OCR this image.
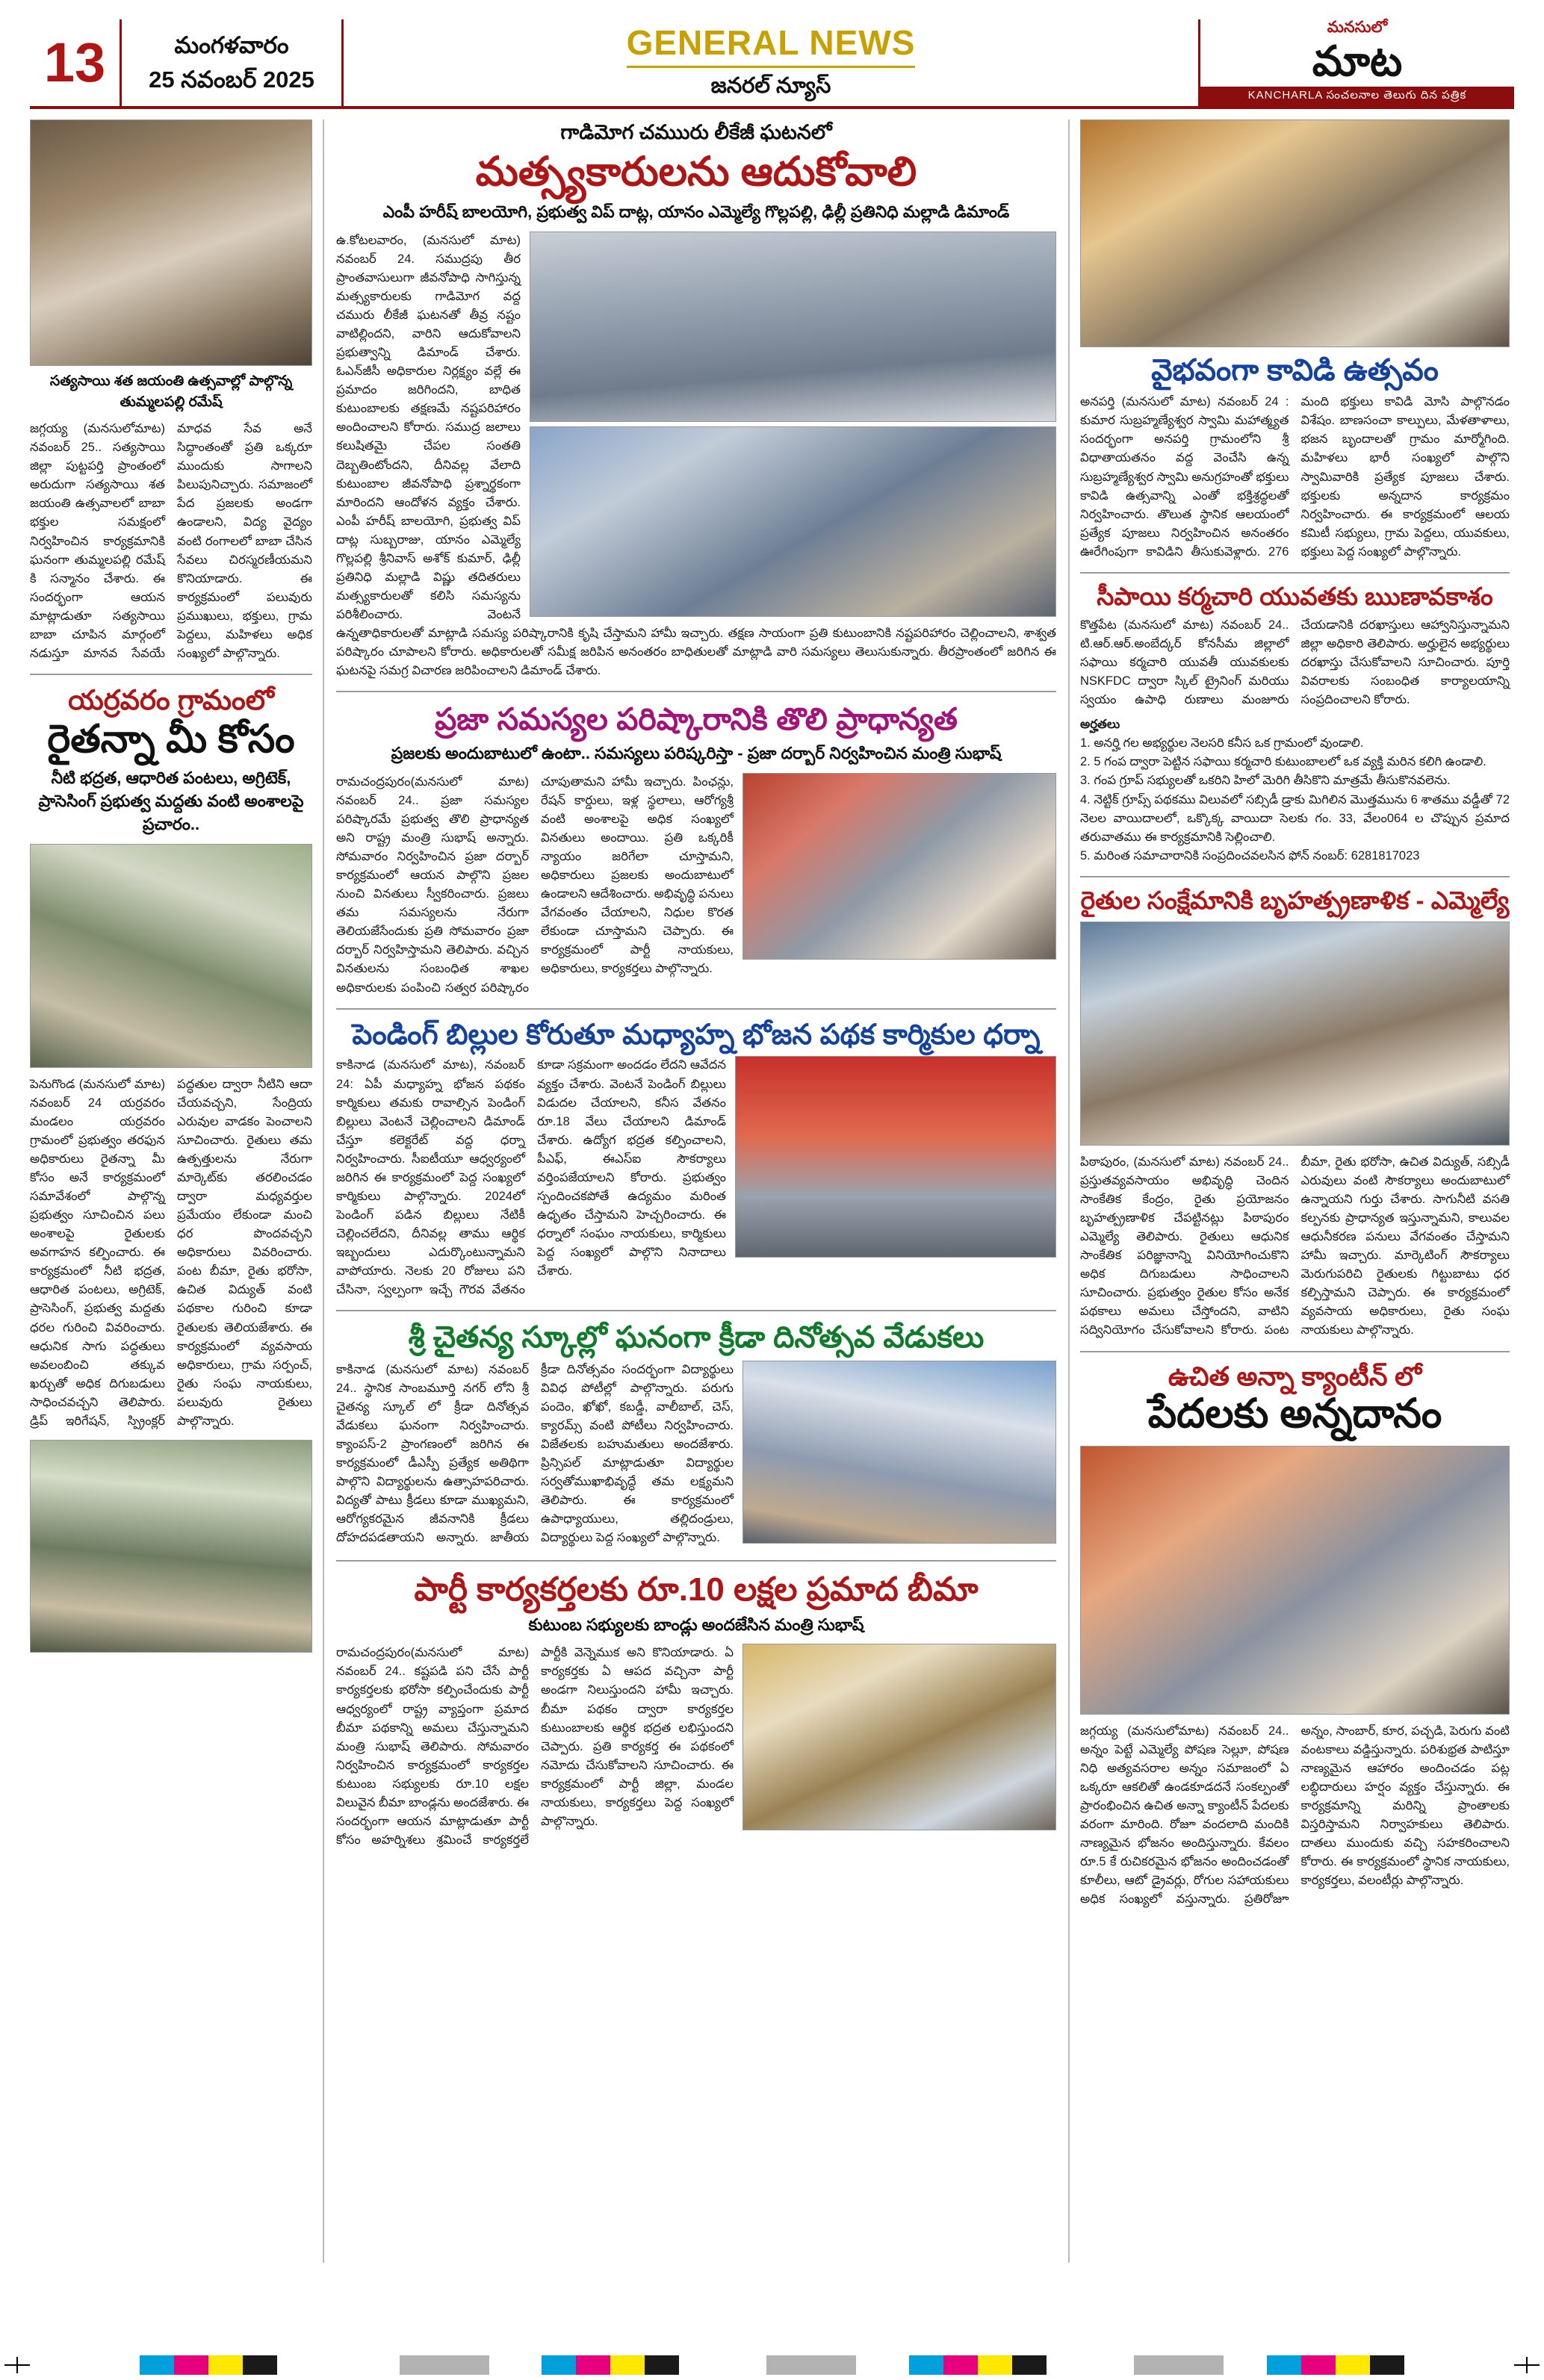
13	మంగళవారం
25 నవంబర్ 2025
GENERAL NEWS
జనరల్ న్యూస్
మనసులో
మాట
KANCHARLA సంచలనాల తెలుగు దిన పత్రిక
సత్యసాయి శత జయంతి ఉత్సవాల్లో పాల్గొన్న తుమ్మలపల్లి రమేష్
జగ్గయ్య (మనసులోమాట) నవంబర్ 25.. సత్యసాయి జిల్లా పుట్టపర్తి ప్రాంతంలో అరుదుగా సత్యసాయి శత జయంతి ఉత్సవాలలో బాబా భక్తుల సమక్షంలో నిర్వహించిన కార్యక్రమానికి ఘనంగా తుమ్మలపల్లి రమేష్ కి సన్మానం చేశారు. ఈ సందర్భంగా ఆయన మాట్లాడుతూ సత్యసాయి బాబా చూపిన మార్గంలో నడుస్తూ మానవ సేవయే మాధవ సేవ అనే సిద్ధాంతంతో ప్రతి ఒక్కరూ ముందుకు సాగాలని పిలుపునిచ్చారు. సమాజంలో పేద ప్రజలకు అండగా ఉండాలని, విద్య వైద్యం వంటి రంగాలలో బాబా చేసిన సేవలు చిరస్మరణీయమని కొనియాడారు. ఈ కార్యక్రమంలో పలువురు ప్రముఖులు, భక్తులు, గ్రామ పెద్దలు, మహిళలు అధిక సంఖ్యలో పాల్గొన్నారు.
యర్రవరం గ్రామంలో
రైతన్నా మీ కోసం
నీటి భద్రత, ఆధారిత పంటలు, అగ్రిటెక్, ప్రాసెసింగ్ ప్రభుత్వ మద్దతు వంటి అంశాలపై ప్రచారం..
పెనుగొండ (మనసులో మాట) నవంబర్ 24 యర్రవరం మండలం యర్రవరం గ్రామంలో ప్రభుత్వం తరఫున అధికారులు రైతన్నా మీ కోసం అనే కార్యక్రమంలో సమావేశంలో పాల్గొన్న ప్రభుత్వం సూచించిన పలు అంశాలపై రైతులకు అవగాహన కల్పించారు. ఈ కార్యక్రమంలో నీటి భద్రత, ఆధారిత పంటలు, అగ్రిటెక్, ప్రాసెసింగ్, ప్రభుత్వ మద్దతు ధరల గురించి వివరించారు. ఆధునిక సాగు పద్ధతులు అవలంబించి తక్కువ ఖర్చుతో అధిక దిగుబడులు సాధించవచ్చని తెలిపారు. డ్రిప్ ఇరిగేషన్, స్ప్రింక్లర్ పద్ధతుల ద్వారా నీటిని ఆదా చేయవచ్చని, సేంద్రియ ఎరువుల వాడకం పెంచాలని సూచించారు. రైతులు తమ ఉత్పత్తులను నేరుగా మార్కెట్‌కు తరలించడం ద్వారా మధ్యవర్తుల ప్రమేయం లేకుండా మంచి ధర పొందవచ్చని అధికారులు వివరించారు. పంట బీమా, రైతు భరోసా, ఉచిత విద్యుత్ వంటి పథకాల గురించి కూడా రైతులకు తెలియజేశారు. ఈ కార్యక్రమంలో వ్యవసాయ అధికారులు, గ్రామ సర్పంచ్, రైతు సంఘ నాయకులు, పలువురు రైతులు పాల్గొన్నారు.
గాడిమోగ చముురు లీకేజీ ఘటనలో
మత్స్యకారులను ఆదుకోవాలి
ఎంపీ హరీష్ బాలయోగి, ప్రభుత్వ విప్ దాట్ల, యానం ఎమ్మెల్యే గొల్లపల్లి, ఢిల్లీ ప్రతినిధి మల్లాడి డిమాండ్
ఉ.కోటలవారం, (మనసులో మాట) నవంబర్ 24. సముద్రపు తీర ప్రాంతవాసులుగా జీవనోపాధి సాగిస్తున్న మత్స్యకారులకు గాడిమోగ వద్ద చమురు లీకేజీ ఘటనతో తీవ్ర నష్టం వాటిల్లిందని, వారిని ఆదుకోవాలని ప్రభుత్వాన్ని డిమాండ్ చేశారు. ఓఎన్‌జీసీ అధికారుల నిర్లక్ష్యం వల్లే ఈ ప్రమాదం జరిగిందని, బాధిత కుటుంబాలకు తక్షణమే నష్టపరిహారం అందించాలని కోరారు. సముద్ర జలాలు కలుషితమై చేపల సంతతి దెబ్బతింటోందని, దీనివల్ల వేలాది కుటుంబాల జీవనోపాధి ప్రశ్నార్థకంగా మారిందని ఆందోళన వ్యక్తం చేశారు. ఎంపీ హరీష్ బాలయోగి, ప్రభుత్వ విప్ దాట్ల సుబ్బరాజు, యానం ఎమ్మెల్యే గొల్లపల్లి శ్రీనివాస్ అశోక్ కుమార్, ఢిల్లీ ప్రతినిధి మల్లాడి విష్ణు తదితరులు మత్స్యకారులతో కలిసి సమస్యను పరిశీలించారు. వెంటనే ఉన్నతాధికారులతో మాట్లాడి సమస్య పరిష్కారానికి కృషి చేస్తామని హామీ ఇచ్చారు. తక్షణ సాయంగా ప్రతి కుటుంబానికి నష్టపరిహారం చెల్లించాలని, శాశ్వత పరిష్కారం చూపాలని కోరారు. అధికారులతో సమీక్ష జరిపిన అనంతరం బాధితులతో మాట్లాడి వారి సమస్యలు తెలుసుకున్నారు. తీరప్రాంతంలో జరిగిన ఈ ఘటనపై సమగ్ర విచారణ జరిపించాలని డిమాండ్ చేశారు.
ప్రజా సమస్యల పరిష్కారానికి తొలి ప్రాధాన్యత
ప్రజలకు అందుబాటులో ఉంటా.. సమస్యలు పరిష్కరిస్తా - ప్రజా దర్బార్ నిర్వహించిన మంత్రి సుభాష్
రామచంద్రపురం(మనసులో మాట) నవంబర్ 24.. ప్రజా సమస్యల పరిష్కారమే ప్రభుత్వ తొలి ప్రాధాన్యత అని రాష్ట్ర మంత్రి సుభాష్ అన్నారు. సోమవారం నిర్వహించిన ప్రజా దర్బార్ కార్యక్రమంలో ఆయన పాల్గొని ప్రజల నుంచి వినతులు స్వీకరించారు. ప్రజలు తమ సమస్యలను నేరుగా తెలియజేసేందుకు ప్రతి సోమవారం ప్రజా దర్బార్ నిర్వహిస్తామని తెలిపారు. వచ్చిన వినతులను సంబంధిత శాఖల అధికారులకు పంపించి సత్వర పరిష్కారం చూపుతామని హామీ ఇచ్చారు. పింఛన్లు, రేషన్ కార్డులు, ఇళ్ల స్థలాలు, ఆరోగ్యశ్రీ వంటి అంశాలపై అధిక సంఖ్యలో వినతులు అందాయి. ప్రతి ఒక్కరికీ న్యాయం జరిగేలా చూస్తామని, అధికారులు ప్రజలకు అందుబాటులో ఉండాలని ఆదేశించారు. అభివృద్ధి పనులు వేగవంతం చేయాలని, నిధుల కొరత లేకుండా చూస్తామని చెప్పారు. ఈ కార్యక్రమంలో పార్టీ నాయకులు, అధికారులు, కార్యకర్తలు పాల్గొన్నారు.
పెండింగ్ బిల్లుల కోరుతూ మధ్యాహ్న భోజన పథక కార్మికుల ధర్నా
కాకినాడ (మనసులో మాట), నవంబర్ 24: ఏపీ మధ్యాహ్న భోజన పథకం కార్మికులు తమకు రావాల్సిన పెండింగ్ బిల్లులు వెంటనే చెల్లించాలని డిమాండ్ చేస్తూ కలెక్టరేట్ వద్ద ధర్నా నిర్వహించారు. సీఐటీయూ ఆధ్వర్యంలో జరిగిన ఈ కార్యక్రమంలో పెద్ద సంఖ్యలో కార్మికులు పాల్గొన్నారు. 2024లో పెండింగ్ పడిన బిల్లులు నేటికీ చెల్లించలేదని, దీనివల్ల తాము ఆర్థిక ఇబ్బందులు ఎదుర్కొంటున్నామని వాపోయారు. నెలకు 20 రోజులు పని చేసినా, స్వల్పంగా ఇచ్చే గౌరవ వేతనం కూడా సక్రమంగా అందడం లేదని ఆవేదన వ్యక్తం చేశారు. వెంటనే పెండింగ్ బిల్లులు విడుదల చేయాలని, కనీస వేతనం రూ.18 వేలు చేయాలని డిమాండ్ చేశారు. ఉద్యోగ భద్రత కల్పించాలని, పీఎఫ్, ఈఎస్ఐ సౌకర్యాలు వర్తింపజేయాలని కోరారు. ప్రభుత్వం స్పందించకపోతే ఉద్యమం మరింత ఉధృతం చేస్తామని హెచ్చరించారు. ఈ ధర్నాలో సంఘం నాయకులు, కార్మికులు పెద్ద సంఖ్యలో పాల్గొని నినాదాలు చేశారు.
శ్రీ చైతన్య స్కూల్లో ఘనంగా క్రీడా దినోత్సవ వేడుకలు
కాకినాడ (మనసులో మాట) నవంబర్ 24.. స్థానిక సాంబమూర్తి నగర్ లోని శ్రీ చైతన్య స్కూల్ లో క్రీడా దినోత్సవ వేడుకలు ఘనంగా నిర్వహించారు. క్యాంపస్-2 ప్రాంగణంలో జరిగిన ఈ కార్యక్రమంలో డీఎస్పీ ప్రత్యేక అతిథిగా పాల్గొని విద్యార్థులను ఉత్సాహపరిచారు. విద్యతో పాటు క్రీడలు కూడా ముఖ్యమని, ఆరోగ్యకరమైన జీవనానికి క్రీడలు దోహదపడతాయని అన్నారు. జాతీయ క్రీడా దినోత్సవం సందర్భంగా విద్యార్థులు వివిధ పోటీల్లో పాల్గొన్నారు. పరుగు పందెం, ఖోఖో, కబడ్డీ, వాలీబాల్, చెస్, క్యారమ్స్ వంటి పోటీలు నిర్వహించారు. విజేతలకు బహుమతులు అందజేశారు. ప్రిన్సిపల్ మాట్లాడుతూ విద్యార్థుల సర్వతోముఖాభివృద్ధే తమ లక్ష్యమని తెలిపారు. ఈ కార్యక్రమంలో ఉపాధ్యాయులు, తల్లిదండ్రులు, విద్యార్థులు పెద్ద సంఖ్యలో పాల్గొన్నారు.
పార్టీ కార్యకర్తలకు రూ.10 లక్షల ప్రమాద బీమా
కుటుంబ సభ్యులకు బాండ్లు అందజేసిన మంత్రి సుభాష్
రామచంద్రపురం(మనసులో మాట) నవంబర్ 24.. కష్టపడి పని చేసే పార్టీ కార్యకర్తలకు భరోసా కల్పించేందుకు పార్టీ ఆధ్వర్యంలో రాష్ట్ర వ్యాప్తంగా ప్రమాద బీమా పథకాన్ని అమలు చేస్తున్నామని మంత్రి సుభాష్ తెలిపారు. సోమవారం నిర్వహించిన కార్యక్రమంలో కార్యకర్తల కుటుంబ సభ్యులకు రూ.10 లక్షల విలువైన బీమా బాండ్లను అందజేశారు. ఈ సందర్భంగా ఆయన మాట్లాడుతూ పార్టీ కోసం అహర్నిశలు శ్రమించే కార్యకర్తలే పార్టీకి వెన్నెముక అని కొనియాడారు. ఏ కార్యకర్తకు ఏ ఆపద వచ్చినా పార్టీ అండగా నిలుస్తుందని హామీ ఇచ్చారు. బీమా పథకం ద్వారా కార్యకర్తల కుటుంబాలకు ఆర్థిక భద్రత లభిస్తుందని చెప్పారు. ప్రతి కార్యకర్త ఈ పథకంలో నమోదు చేసుకోవాలని సూచించారు. ఈ కార్యక్రమంలో పార్టీ జిల్లా, మండల నాయకులు, కార్యకర్తలు పెద్ద సంఖ్యలో పాల్గొన్నారు.
వైభవంగా కావిడి ఉత్సవం
అనపర్తి (మనసులో మాట) నవంబర్ 24 : కుమార సుబ్రహ్మణ్యేశ్వర స్వామి మహాత్మ్యత సందర్భంగా అనపర్తి గ్రామంలోని శ్రీ విధాతాయతనం వద్ద వెంచేసి ఉన్న సుబ్రహ్మణ్యేశ్వర స్వామి అనుగ్రహంతో భక్తులు కావిడి ఉత్సవాన్ని ఎంతో భక్తిశ్రద్ధలతో నిర్వహించారు. తొలుత స్థానిక ఆలయంలో ప్రత్యేక పూజలు నిర్వహించిన అనంతరం ఊరేగింపుగా కావిడిని తీసుకువెళ్లారు. 276 మంది భక్తులు కావిడి మోసి పాల్గొనడం విశేషం. బాణసంచా కాల్పులు, మేళతాళాలు, భజన బృందాలతో గ్రామం మార్మోగింది. మహిళలు భారీ సంఖ్యలో పాల్గొని స్వామివారికి ప్రత్యేక పూజలు చేశారు. భక్తులకు అన్నదాన కార్యక్రమం నిర్వహించారు. ఈ కార్యక్రమంలో ఆలయ కమిటీ సభ్యులు, గ్రామ పెద్దలు, యువకులు, భక్తులు పెద్ద సంఖ్యలో పాల్గొన్నారు.
సీపాయి కర్మచారి యువతకు ఋణావకాశం
కొత్తపేట (మనసులో మాట) నవంబర్ 24.. టి.ఆర్.ఆర్.అంబేద్కర్ కోనసీమ జిల్లాలో సఫాయి కర్మచారి యువతీ యువకులకు NSKFDC ద్వారా స్కిల్ ట్రైనింగ్ మరియు స్వయం ఉపాధి రుణాలు మంజూరు చేయడానికి దరఖాస్తులు ఆహ్వానిస్తున్నామని జిల్లా అధికారి తెలిపారు. అర్హులైన అభ్యర్థులు దరఖాస్తు చేసుకోవాలని సూచించారు. పూర్తి వివరాలకు సంబంధిత కార్యాలయాన్ని సంప్రదించాలని కోరారు.
అర్హతలు
1. అనర్హి గల అభ్యర్థుల నెలసరి కనీస ఒక గ్రామంలో వుండాలి.
2. 5 గంప ద్వారా పెట్టిన సఫాయి కర్మచారి కుటుంబాలలో ఒక వ్యక్తి మరిన కలిగి ఉండాలి.
3. గంప గ్రూప్ సభ్యులతో ఒకరిని హిలో మెరిగి తీసికొని మాత్రమే తీసుకొనవలెను.
4. నెట్టిక్ గ్రూప్స్ పథకము విలువలో సబ్సిడీ డ్రాకు మిగిలిన మొత్తమును 6 శాతము వడ్డీతో 72 నెలల వాయిదాలలో, ఒక్కొక్క వాయిదా సెలకు గం. 33, వేలం064 ల చొప్పున ప్రమాద తరువాతము ఈ కార్యక్రమానికి సెల్లించాలి.
5. మరింత సమాచారానికి సంప్రదించవలసిన ఫోన్ నంబర్: 6281817023
రైతుల సంక్షేమానికి బృహత్ప్రణాళిక - ఎమ్మెల్యే
పిఠాపురం, (మనసులో మాట) నవంబర్ 24.. ప్రస్తుతవ్యవసాయం అభివృద్ధి చెందిన సాంకేతిక కేంద్రం, రైతు ప్రయోజనం బృహత్ప్రణాళిక చేపట్టినట్లు పిఠాపురం ఎమ్మెల్యే తెలిపారు. రైతులు ఆధునిక సాంకేతిక పరిజ్ఞానాన్ని వినియోగించుకొని అధిక దిగుబడులు సాధించాలని సూచించారు. ప్రభుత్వం రైతుల కోసం అనేక పథకాలు అమలు చేస్తోందని, వాటిని సద్వినియోగం చేసుకోవాలని కోరారు. పంట బీమా, రైతు భరోసా, ఉచిత విద్యుత్, సబ్సిడీ ఎరువులు వంటి సౌకర్యాలు అందుబాటులో ఉన్నాయని గుర్తు చేశారు. సాగునీటి వసతి కల్పనకు ప్రాధాన్యత ఇస్తున్నామని, కాలువల ఆధునీకరణ పనులు వేగవంతం చేస్తామని హామీ ఇచ్చారు. మార్కెటింగ్ సౌకర్యాలు మెరుగుపరిచి రైతులకు గిట్టుబాటు ధర కల్పిస్తామని చెప్పారు. ఈ కార్యక్రమంలో వ్యవసాయ అధికారులు, రైతు సంఘ నాయకులు పాల్గొన్నారు.
ఉచిత అన్నా క్యాంటీన్ లో
పేదలకు అన్నదానం
జగ్గయ్య (మనసులోమాట) నవంబర్ 24.. అన్నం పెట్టే ఎమ్మెల్యే పోషణ సెల్లూ, పోషణ నిధి అత్యవసరాల అన్నం సమాజంలో ఏ ఒక్కరూ ఆకలితో ఉండకూడదనే సంకల్పంతో ప్రారంభించిన ఉచిత అన్నా క్యాంటీన్ పేదలకు వరంగా మారింది. రోజూ వందలాది మందికి నాణ్యమైన భోజనం అందిస్తున్నారు. కేవలం రూ.5 కే రుచికరమైన భోజనం అందించడంతో కూలీలు, ఆటో డ్రైవర్లు, రోగుల సహాయకులు అధిక సంఖ్యలో వస్తున్నారు. ప్రతిరోజూ అన్నం, సాంబార్, కూర, పచ్చడి, పెరుగు వంటి వంటకాలు వడ్డిస్తున్నారు. పరిశుభ్రత పాటిస్తూ నాణ్యమైన ఆహారం అందించడం పట్ల లబ్ధిదారులు హర్షం వ్యక్తం చేస్తున్నారు. ఈ కార్యక్రమాన్ని మరిన్ని ప్రాంతాలకు విస్తరిస్తామని నిర్వాహకులు తెలిపారు. దాతలు ముందుకు వచ్చి సహకరించాలని కోరారు. ఈ కార్యక్రమంలో స్థానిక నాయకులు, కార్యకర్తలు, వలంటీర్లు పాల్గొన్నారు.
